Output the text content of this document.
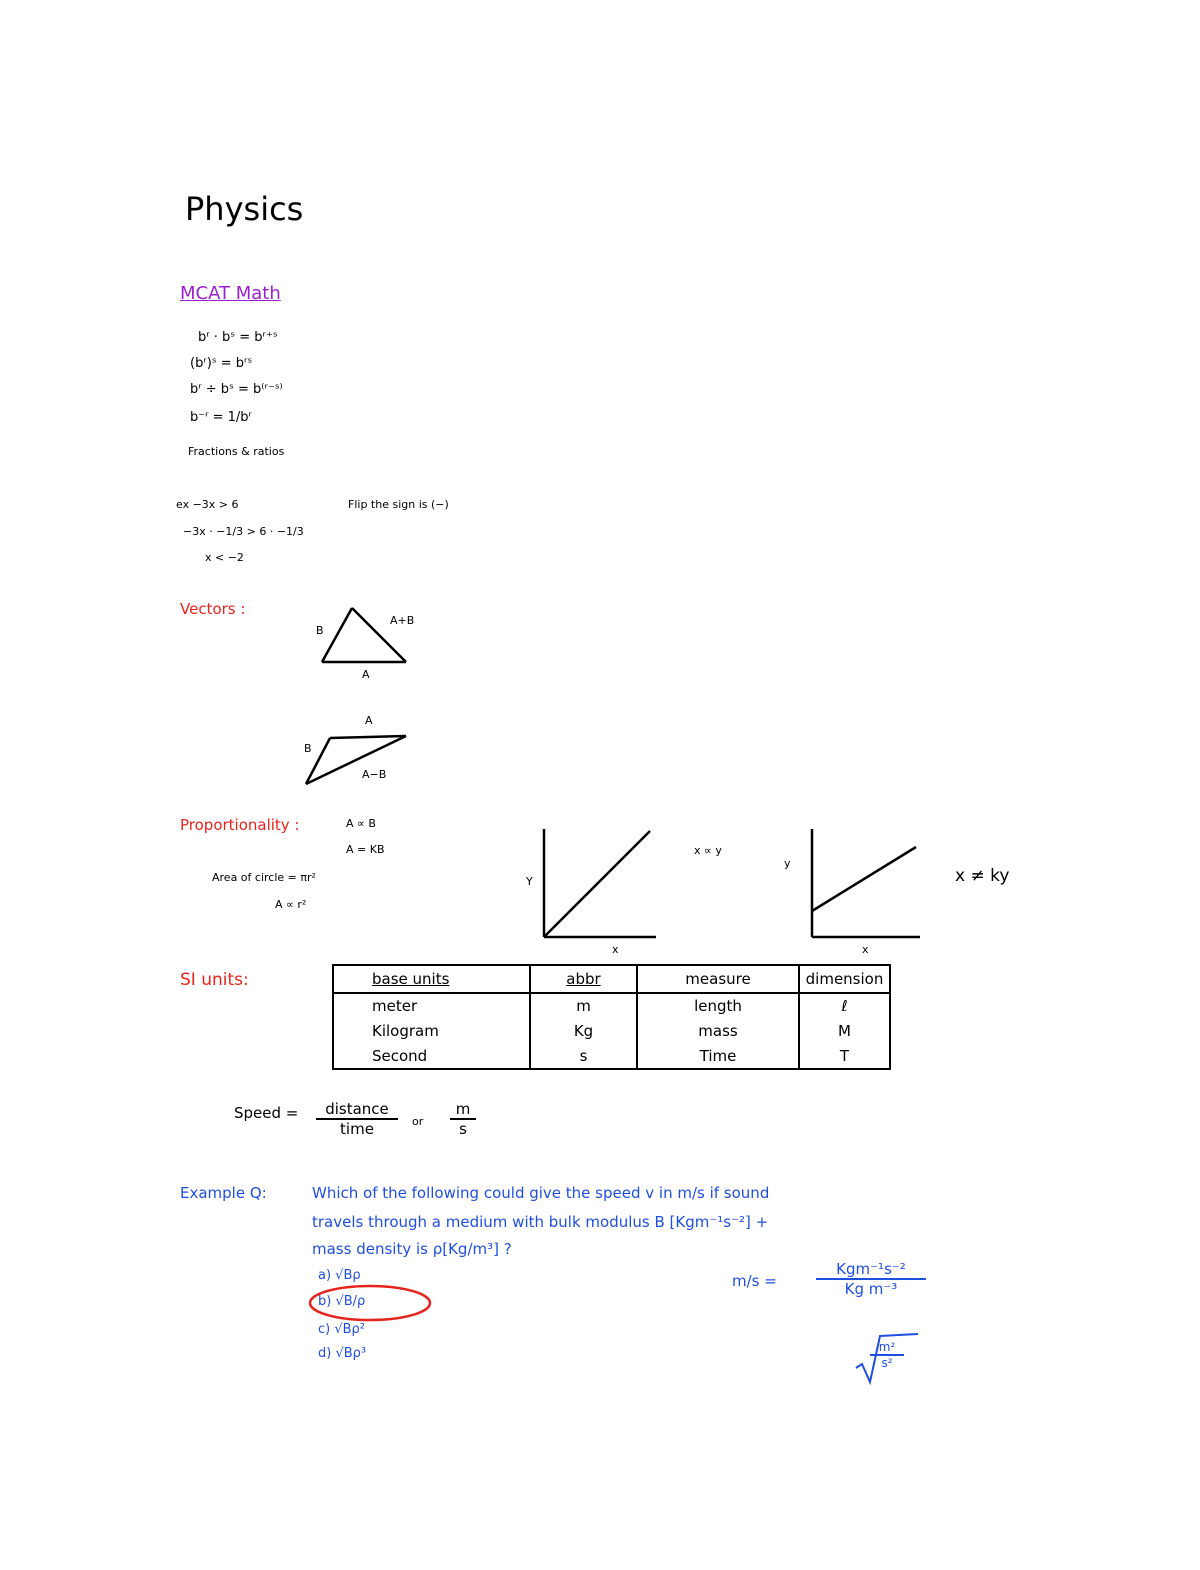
Physics
MCAT Math
bʳ · bˢ = bʳ⁺ˢ
(bʳ)ˢ = bʳˢ
bʳ ÷ bˢ = b⁽ʳ⁻ˢ⁾
b⁻ʳ = 1/bʳ
Fractions & ratios
ex −3x > 6
−3x · −1/3 > 6 · −1/3
x < −2
Flip the sign is (−)
Vectors :
B
A+B
A
A
B
A−B
Proportionality :	A ∝ B
A = KB
Area of circle = πr²
A ∝ r²
Y
x
x ∝ y
y
x
x ≠ ky
SI units:	base units	abbr	measure	dimension
meter	m	length	ℓ
Kilogram	Kg	mass	M
Second	s	Time	T
Speed =	distance
time	or $\frac{m}{s}$
Example Q:	Which of the following could give the speed v in m/s if sound
travels through a medium with bulk modulus B [Kgm⁻¹s⁻²] +
mass density is ρ[Kg/m³] ?
a) √Bρ
b) √B/ρ
c) √Bρ²
d) √Bρ³
m/s =
Kgm⁻¹s⁻²
Kg m⁻³
$\frac{\text{m²}}{\text{s²}}$
